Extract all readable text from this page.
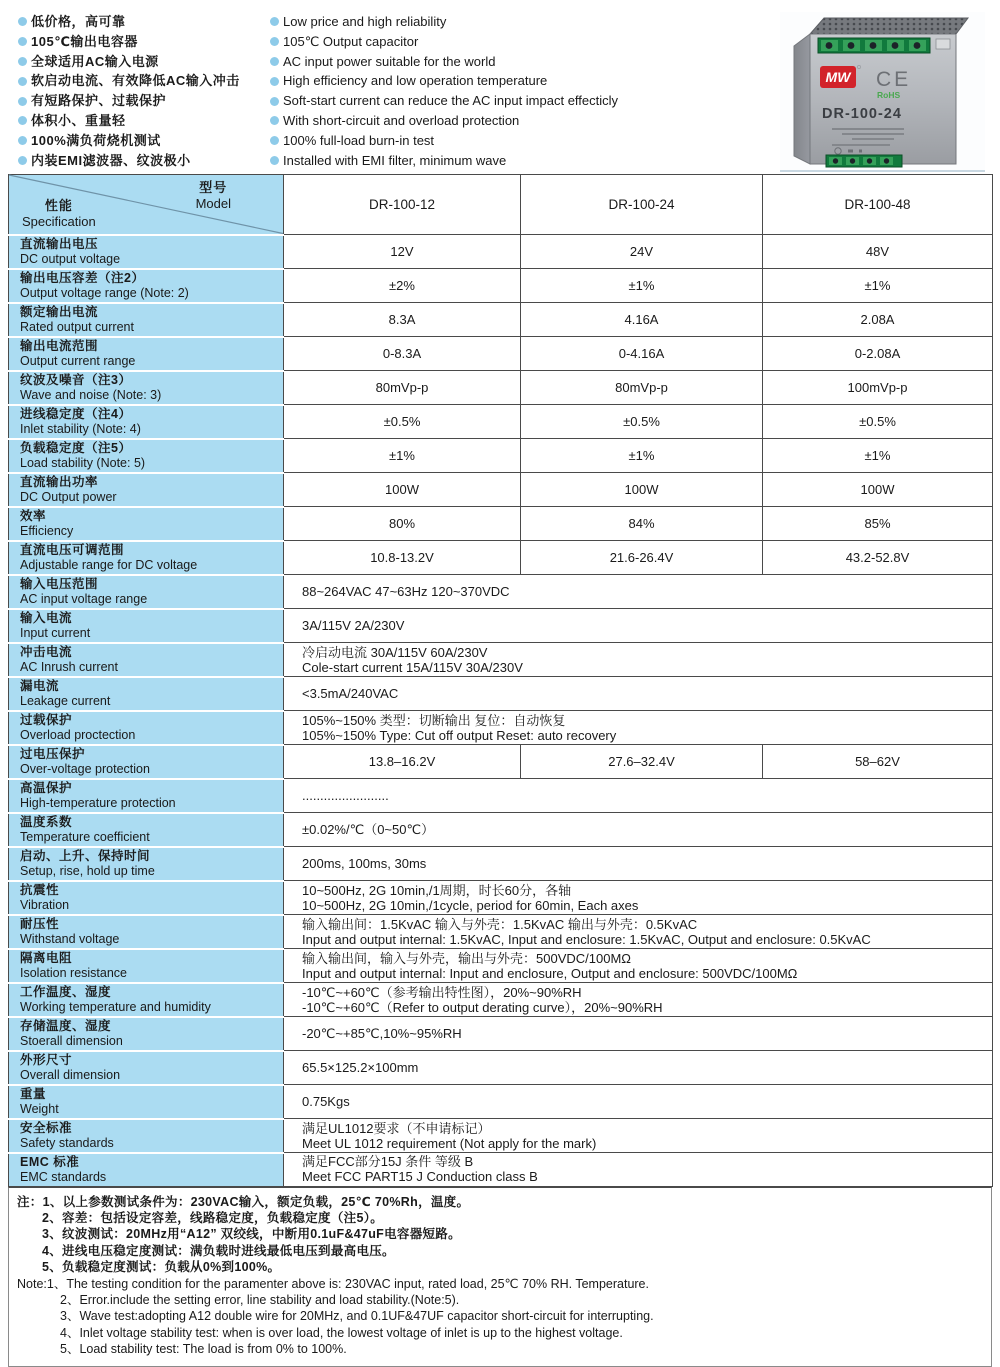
低价格，高可靠
105℃输出电容器
全球适用AC输入电源
软启动电流、有效降低AC输入冲击
有短路保护、过载保护
体积小、重量轻
100%满负荷烧机测试
内装EMI滤波器、纹波极小
Low price and high reliability
105℃ Output capacitor
AC input power suitable for the world
High efficiency and low operation temperature
Soft-start current can reduce the AC input impact effecticly
With short-circuit and overload protection
100% full-load burn-in test
Installed with EMI filter, minimum wave
MW CE
RoHS
DR-100-24
型号
Model
性能
Specification	DR-100-12	DR-100-24	DR-100-48

直流输出电压
DC output voltage	12V	24V	48V

输出电压容差（注2）
Output voltage range (Note: 2)	±2%	±1%	±1%

额定输出电流
Rated output current	8.3A	4.16A	2.08A

输出电流范围
Output current range	0-8.3A	0-4.16A	0-2.08A

纹波及噪音（注3）
Wave and noise (Note: 3)	80mVp-p	80mVp-p	100mVp-p

进线稳定度（注4）
Inlet stability (Note: 4)	±0.5%	±0.5%	±0.5%

负载稳定度（注5）
Load stability (Note: 5)	±1%	±1%	±1%

直流输出功率
DC Output power	100W	100W	100W

效率
Efficiency	80%	84%	85%

直流电压可调范围
Adjustable range for DC voltage	10.8-13.2V	21.6-26.4V	43.2-52.8V

输入电压范围
AC input voltage range	88~264VAC 47~63Hz 120~370VDC		

输入电流
Input current	3A/115V 2A/230V		

冲击电流
AC Inrush current	冷启动电流 30A/115V 60A/230V
Cole-start current 15A/115V 30A/230V		

漏电流
Leakage current	<3.5mA/240VAC		

过载保护
Overload proctection	105%~150% 类型：切断输出 复位：自动恢复
105%~150% Type: Cut off output Reset: auto recovery		

过电压保护
Over-voltage protection	13.8–16.2V	27.6–32.4V	58–62V

高温保护
High-temperature protection	........................		

温度系数
Temperature coefficient	±0.02%/℃（0~50℃）		

启动、上升、保持时间
Setup, rise, hold up time	200ms, 100ms, 30ms		

抗震性
Vibration	10~500Hz, 2G 10min,/1周期，时长60分，各轴
10~500Hz, 2G 10min,/1cycle, period for 60min, Each axes		

耐压性
Withstand voltage	输入输出间：1.5KvAC 输入与外壳：1.5KvAC 输出与外壳：0.5KvAC
Input and output internal: 1.5KvAC, Input and enclosure: 1.5KvAC, Output and enclosure: 0.5KvAC		

隔离电阻
Isolation resistance	输入输出间，输入与外壳，输出与外壳：500VDC/100MΩ
Input and output internal: Input and enclosure, Output and enclosure: 500VDC/100MΩ		

工作温度、湿度
Working temperature and humidity	-10℃~+60℃（参考输出特性图），20%~90%RH
-10℃~+60℃（Refer to output derating curve），20%~90%RH		

存储温度、湿度
Stoerall dimension	-20℃~+85℃,10%~95%RH		

外形尺寸
Overall dimension	65.5×125.2×100mm		

重量
Weight	0.75Kgs		

安全标准
Safety standards	满足UL1012要求（不申请标记）
Meet UL 1012 requirement (Not apply for the mark)		

EMC 标准
EMC standards	满足FCC部分15J 条件 等级 B
Meet FCC PART15 J Conduction class B		
注：1、以上参数测试条件为：230VAC输入，额定负载，25℃ 70%Rh，温度。
2、容差：包括设定容差，线路稳定度，负载稳定度（注5）。
3、纹波测试：20MHz用“A12” 双绞线，中断用0.1uF&47uF电容器短路。
4、进线电压稳定度测试：满负载时进线最低电压到最高电压。
5、负载稳定度测试：负载从0%到100%。
Note:1、The testing condition for the paramenter above is: 230VAC input, rated load, 25℃ 70% RH. Temperature.
2、Error.include the setting error, line stability and load stability.(Note:5).
3、Wave test:adopting A12 double wire for 20MHz, and 0.1UF&47UF capacitor short-circuit for interrupting.
4、Inlet voltage stability test: when is over load, the lowest voltage of inlet is up to the highest voltage.
5、Load stability test: The load is from 0% to 100%.
